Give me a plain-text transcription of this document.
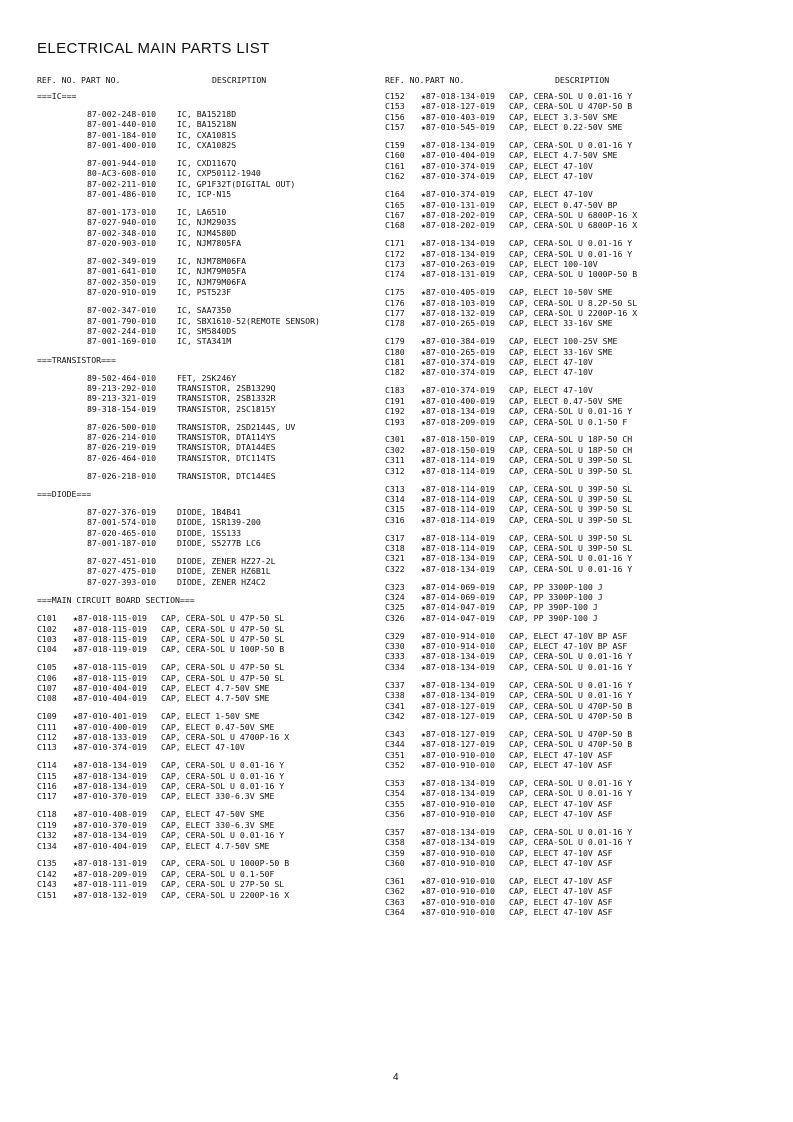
ELECTRICAL MAIN PARTS LIST
REF. NO. PART NO.	DESCRIPTION
===IC===
87-002-248-010	IC, BA15218D
87-001-440-010	IC, BA15218N
87-001-184-010	IC, CXA1081S
87-001-400-010	IC, CXA1082S
87-001-944-010	IC, CXD1167Q
80-AC3-608-010	IC, CXP50112-1940
87-002-211-010	IC, GP1F32T(DIGITAL OUT)
87-001-486-010	IC, ICP-N15
87-001-173-010	IC, LA6510
87-027-940-010	IC, NJM2903S
87-002-348-010	IC, NJM4580D
87-020-903-010	IC, NJM7805FA
87-002-349-019	IC, NJM78M06FA
87-001-641-010	IC, NJM79M05FA
87-002-350-019	IC, NJM79M06FA
87-020-910-019	IC, PST523F
87-002-347-010	IC, SAA7350
87-001-790-010	IC, SBX1610-52(REMOTE SENSOR)
87-002-244-010	IC, SM5840DS
87-001-169-010	IC, STA341M
===TRANSISTOR===
89-502-464-010	FET, 2SK246Y
89-213-292-010	TRANSISTOR, 2SB1329Q
89-213-321-019	TRANSISTOR, 2SB1332R
89-318-154-019	TRANSISTOR, 2SC1815Y
87-026-500-010	TRANSISTOR, 2SD2144S, UV
87-026-214-010	TRANSISTOR, DTA114YS
87-026-219-019	TRANSISTOR, DTA144ES
87-026-464-010	TRANSISTOR, DTC114TS
87-026-218-010	TRANSISTOR, DTC144ES
===DIODE===
87-027-376-019	DIODE, 1B4B41
87-001-574-010	DIODE, 1SR139-200
87-020-465-010	DIODE, 1SS133
87-001-187-010	DIODE, S5277B LC6
87-027-451-010	DIODE, ZENER HZ27-2L
87-027-475-010	DIODE, ZENER HZ6B1L
87-027-393-010	DIODE, ZENER HZ4C2
===MAIN CIRCUIT BOARD SECTION===
C101 ★87-018-115-019 CAP, CERA-SOL U 47P-50 SL
C102 ★87-018-115-019 CAP, CERA-SOL U 47P-50 SL
C103 ★87-018-115-019 CAP, CERA-SOL U 47P-50 SL
C104 ★87-018-119-019 CAP, CERA-SOL U 100P-50 B
C105 ★87-018-115-019 CAP, CERA-SOL U 47P-50 SL
C106 ★87-018-115-019 CAP, CERA-SOL U 47P-50 SL
C107 ★87-010-404-019 CAP, ELECT 4.7-50V SME
C108 ★87-010-404-019 CAP, ELECT 4.7-50V SME
C109 ★87-010-401-019 CAP, ELECT 1-50V SME
C111 ★87-010-400-019 CAP, ELECT 0.47-50V SME
C112 ★87-018-133-019 CAP, CERA-SOL U 4700P-16 X
C113 ★87-010-374-019 CAP, ELECT 47-10V
C114 ★87-018-134-019 CAP, CERA-SOL U 0.01-16 Y
C115 ★87-018-134-019 CAP, CERA-SOL U 0.01-16 Y
C116 ★87-018-134-019 CAP, CERA-SOL U 0.01-16 Y
C117 ★87-010-370-019 CAP, ELECT 330-6.3V SME
C118 ★87-010-408-019 CAP, ELECT 47-50V SME
C119 ★87-010-370-019 CAP, ELECT 330-6.3V SME
C132 ★87-018-134-019 CAP, CERA-SOL U 0.01-16 Y
C134 ★87-010-404-019 CAP, ELECT 4.7-50V SME
C135 ★87-018-131-019 CAP, CERA-SOL U 1000P-50 B
C142 ★87-018-209-019 CAP, CERA-SOL U 0.1-50F
C143 ★87-018-111-019 CAP, CERA-SOL U 27P-50 SL
C151 ★87-018-132-019 CAP, CERA-SOL U 2200P-16 X
REF. NO. PART NO.	DESCRIPTION
C152 ★87-018-134-019 CAP, CERA-SOL U 0.01-16 Y
C153 ★87-018-127-019 CAP, CERA-SOL U 470P-50 B
C156 ★87-010-403-019 CAP, ELECT 3.3-50V SME
C157 ★87-010-545-019 CAP, ELECT 0.22-50V SME
C159 ★87-018-134-019 CAP, CERA-SOL U 0.01-16 Y
C160 ★87-010-404-019 CAP, ELECT 4.7-50V SME
C161 ★87-010-374-019 CAP, ELECT 47-10V
C162 ★87-010-374-019 CAP, ELECT 47-10V
C164 ★87-010-374-019 CAP, ELECT 47-10V
C165 ★87-010-131-019 CAP, ELECT 0.47-50V BP
C167 ★87-018-202-019 CAP, CERA-SOL U 6800P-16 X
C168 ★87-018-202-019 CAP, CERA-SOL U 6800P-16 X
C171 ★87-018-134-019 CAP, CERA-SOL U 0.01-16 Y
C172 ★87-018-134-019 CAP, CERA-SOL U 0.01-16 Y
C173 ★87-010-263-019 CAP, ELECT 100-10V
C174 ★87-018-131-019 CAP, CERA-SOL U 1000P-50 B
C175 ★87-010-405-019 CAP, ELECT 10-50V SME
C176 ★87-018-103-019 CAP, CERA-SOL U 8.2P-50 SL
C177 ★87-018-132-019 CAP, CERA-SOL U 2200P-16 X
C178 ★87-010-265-019 CAP, ELECT 33-16V SME
C179 ★87-010-384-019 CAP, ELECT 100-25V SME
C180 ★87-010-265-019 CAP, ELECT 33-16V SME
C181 ★87-010-374-019 CAP, ELECT 47-10V
C182 ★87-010-374-019 CAP, ELECT 47-10V
C183 ★87-010-374-019 CAP, ELECT 47-10V
C191 ★87-010-400-019 CAP, ELECT 0.47-50V SME
C192 ★87-018-134-019 CAP, CERA-SOL U 0.01-16 Y
C193 ★87-018-209-019 CAP, CERA-SOL U 0.1-50 F
C301 ★87-018-150-019 CAP, CERA-SOL U 18P-50 CH
C302 ★87-018-150-019 CAP, CERA-SOL U 18P-50 CH
C311 ★87-018-114-019 CAP, CERA-SOL U 39P-50 SL
C312 ★87-018-114-019 CAP, CERA-SOL U 39P-50 SL
C313 ★87-018-114-019 CAP, CERA-SOL U 39P-50 SL
C314 ★87-018-114-019 CAP, CERA-SOL U 39P-50 SL
C315 ★87-018-114-019 CAP, CERA-SOL U 39P-50 SL
C316 ★87-018-114-019 CAP, CERA-SOL U 39P-50 SL
C317 ★87-018-114-019 CAP, CERA-SOL U 39P-50 SL
C318 ★87-018-114-019 CAP, CERA-SOL U 39P-50 SL
C321 ★87-018-134-019 CAP, CERA-SOL U 0.01-16 Y
C322 ★87-018-134-019 CAP, CERA-SOL U 0.01-16 Y
C323 ★87-014-069-019 CAP, PP 3300P-100 J
C324 ★87-014-069-019 CAP, PP 3300P-100 J
C325 ★87-014-047-019 CAP, PP 390P-100 J
C326 ★87-014-047-019 CAP, PP 390P-100 J
C329 ★87-010-914-010 CAP, ELECT 47-10V BP ASF
C330 ★87-010-914-010 CAP, ELECT 47-10V BP ASF
C333 ★87-018-134-019 CAP, CERA-SOL U 0.01-16 Y
C334 ★87-018-134-019 CAP, CERA-SOL U 0.01-16 Y
C337 ★87-018-134-019 CAP, CERA-SOL U 0.01-16 Y
C338 ★87-018-134-019 CAP, CERA-SOL U 0.01-16 Y
C341 ★87-018-127-019 CAP, CERA-SOL U 470P-50 B
C342 ★87-018-127-019 CAP, CERA-SOL U 470P-50 B
C343 ★87-018-127-019 CAP, CERA-SOL U 470P-50 B
C344 ★87-018-127-019 CAP, CERA-SOL U 470P-50 B
C351 ★87-010-910-010 CAP, ELECT 47-10V ASF
C352 ★87-010-910-010 CAP, ELECT 47-10V ASF
C353 ★87-018-134-019 CAP, CERA-SOL U 0.01-16 Y
C354 ★87-018-134-019 CAP, CERA-SOL U 0.01-16 Y
C355 ★87-010-910-010 CAP, ELECT 47-10V ASF
C356 ★87-010-910-010 CAP, ELECT 47-10V ASF
C357 ★87-018-134-019 CAP, CERA-SOL U 0.01-16 Y
C358 ★87-018-134-019 CAP, CERA-SOL U 0.01-16 Y
C359 ★87-010-910-010 CAP, ELECT 47-10V ASF
C360 ★87-010-910-010 CAP, ELECT 47-10V ASF
C361 ★87-010-910-010 CAP, ELECT 47-10V ASF
C362 ★87-010-910-010 CAP, ELECT 47-10V ASF
C363 ★87-010-910-010 CAP, ELECT 47-10V ASF
C364 ★87-010-910-010 CAP, ELECT 47-10V ASF
4
